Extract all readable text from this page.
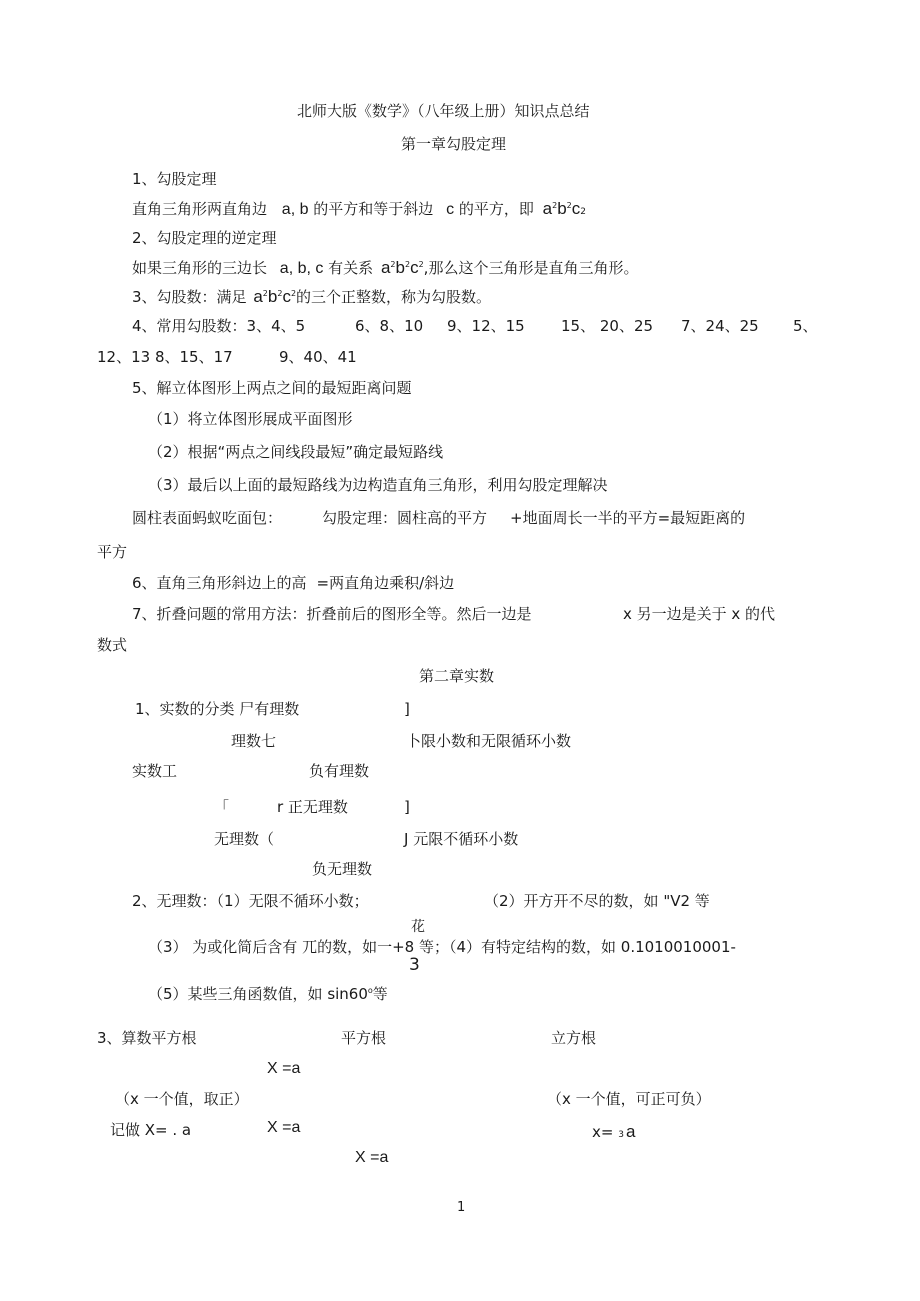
北师大版《数学》（八年级上册）知识点总结
第一章勾股定理
1、勾股定理
直角三角形两直角边 a, b 的平方和等于斜边 c 的平方，即 $a^2b^2c2$
2、勾股定理的逆定理
如果三角形的三边长 a, b, c 有关系 $a^2b^2c^2$,那么这个三角形是直角三角形。
3、勾股数：满足 $a^2b^2c^2$的三个正整数，称为勾股数。
4、常用勾股数：3、4、5	6、8、10 9、12、15 15、 20、25 7、24、25 5、
12、13 8、15、17	9、40、41
5、解立体图形上两点之间的最短距离问题
（1）将立体图形展成平面图形
（2）根据“两点之间线段最短”确定最短路线
（3）最后以上面的最短路线为边构造直角三角形，利用勾股定理解决
圆柱表面蚂蚁吃面包：	勾股定理：圆柱高的平方 +地面周长一半的平方=最短距离的
平方
6、直角三角形斜边上的高 =两直角边乘积/斜边
7、折叠问题的常用方法：折叠前后的图形全等。然后一边是	x 另一边是关于 x 的代
数式
第二章实数
1、实数的分类 尸有理数	]
理数七	卜限小数和无限循环小数
实数工	负有理数
「	r 正无理数	]
无理数（	J 元限不循环小数
负无理数
2、无理数：（1）无限不循环小数；	（2）开方开不尽的数，如 "V2 等
花
（3） 为或化简后含有 兀的数，如一+8 等；（4）有特定结构的数，如 0.1010010001-
3
（5）某些三角函数值，如 sin60$^o$等
3、算数平方根	平方根	立方根
X =a
（x 一个值，取正）	（x 一个值，可正可负）
记做 X= . a	X =a	x= 3 a
X =a
1
